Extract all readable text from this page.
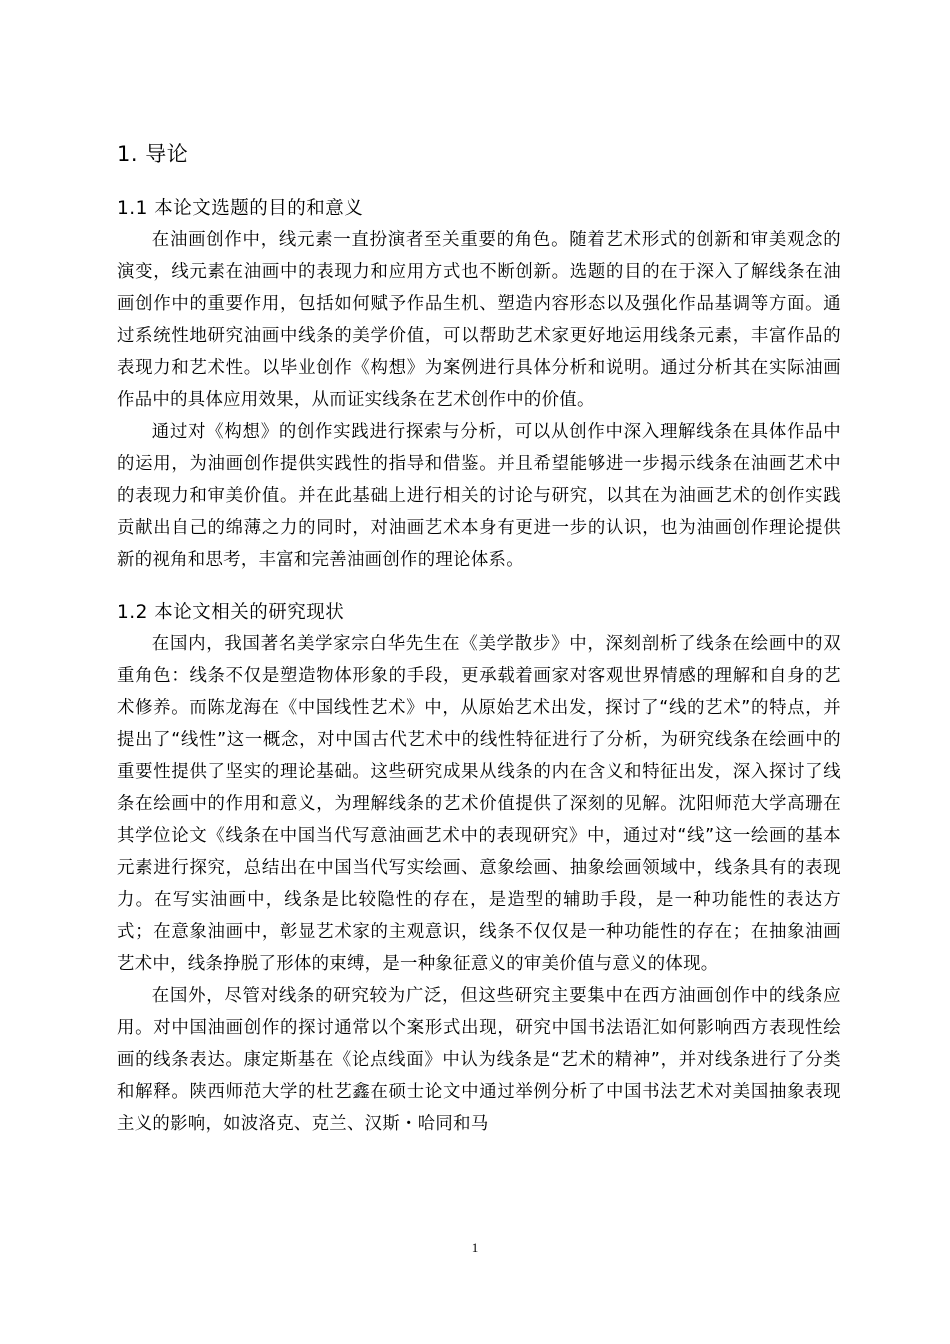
1. 导论
1.1 本论文选题的目的和意义

在油画创作中，线元素一直扮演者至关重要的角色。随着艺术形式的创新和审美观念的演变，线元素在油画中的表现力和应用方式也不断创新。选题的目的在于深入了解线条在油画创作中的重要作用，包括如何赋予作品生机、塑造内容形态以及强化作品基调等方面。通过系统性地研究油画中线条的美学价值，可以帮助艺术家更好地运用线条元素，丰富作品的表现力和艺术性。以毕业创作《构想》为案例进行具体分析和说明。通过分析其在实际油画作品中的具体应用效果，从而证实线条在艺术创作中的价值。

通过对《构想》的创作实践进行探索与分析，可以从创作中深入理解线条在具体作品中的运用，为油画创作提供实践性的指导和借鉴。并且希望能够进一步揭示线条在油画艺术中的表现力和审美价值。并在此基础上进行相关的讨论与研究，以其在为油画艺术的创作实践贡献出自己的绵薄之力的同时，对油画艺术本身有更进一步的认识，也为油画创作理论提供新的视角和思考，丰富和完善油画创作的理论体系。

1.2 本论文相关的研究现状

在国内，我国著名美学家宗白华先生在《美学散步》中，深刻剖析了线条在绘画中的双重角色：线条不仅是塑造物体形象的手段，更承载着画家对客观世界情感的理解和自身的艺术修养。而陈龙海在《中国线性艺术》中，从原始艺术出发，探讨了“线的艺术”的特点，并提出了“线性”这一概念，对中国古代艺术中的线性特征进行了分析，为研究线条在绘画中的重要性提供了坚实的理论基础。这些研究成果从线条的内在含义和特征出发，深入探讨了线条在绘画中的作用和意义，为理解线条的艺术价值提供了深刻的见解。沈阳师范大学高珊在其学位论文《线条在中国当代写意油画艺术中的表现研究》中，通过对“线”这一绘画的基本元素进行探究，总结出在中国当代写实绘画、意象绘画、抽象绘画领域中，线条具有的表现力。在写实油画中，线条是比较隐性的存在，是造型的辅助手段，是一种功能性的表达方式；在意象油画中，彰显艺术家的主观意识，线条不仅仅是一种功能性的存在；在抽象油画艺术中，线条挣脱了形体的束缚，是一种象征意义的审美价值与意义的体现。

在国外，尽管对线条的研究较为广泛，但这些研究主要集中在西方油画创作中的线条应用。对中国油画创作的探讨通常以个案形式出现，研究中国书法语汇如何影响西方表现性绘画的线条表达。康定斯基在《论点线面》中认为线条是“艺术的精神”，并对线条进行了分类和解释。陕西师范大学的杜艺鑫在硕士论文中通过举例分析了中国书法艺术对美国抽象表现主义的影响，如波洛克、克兰、汉斯・哈同和马

1
